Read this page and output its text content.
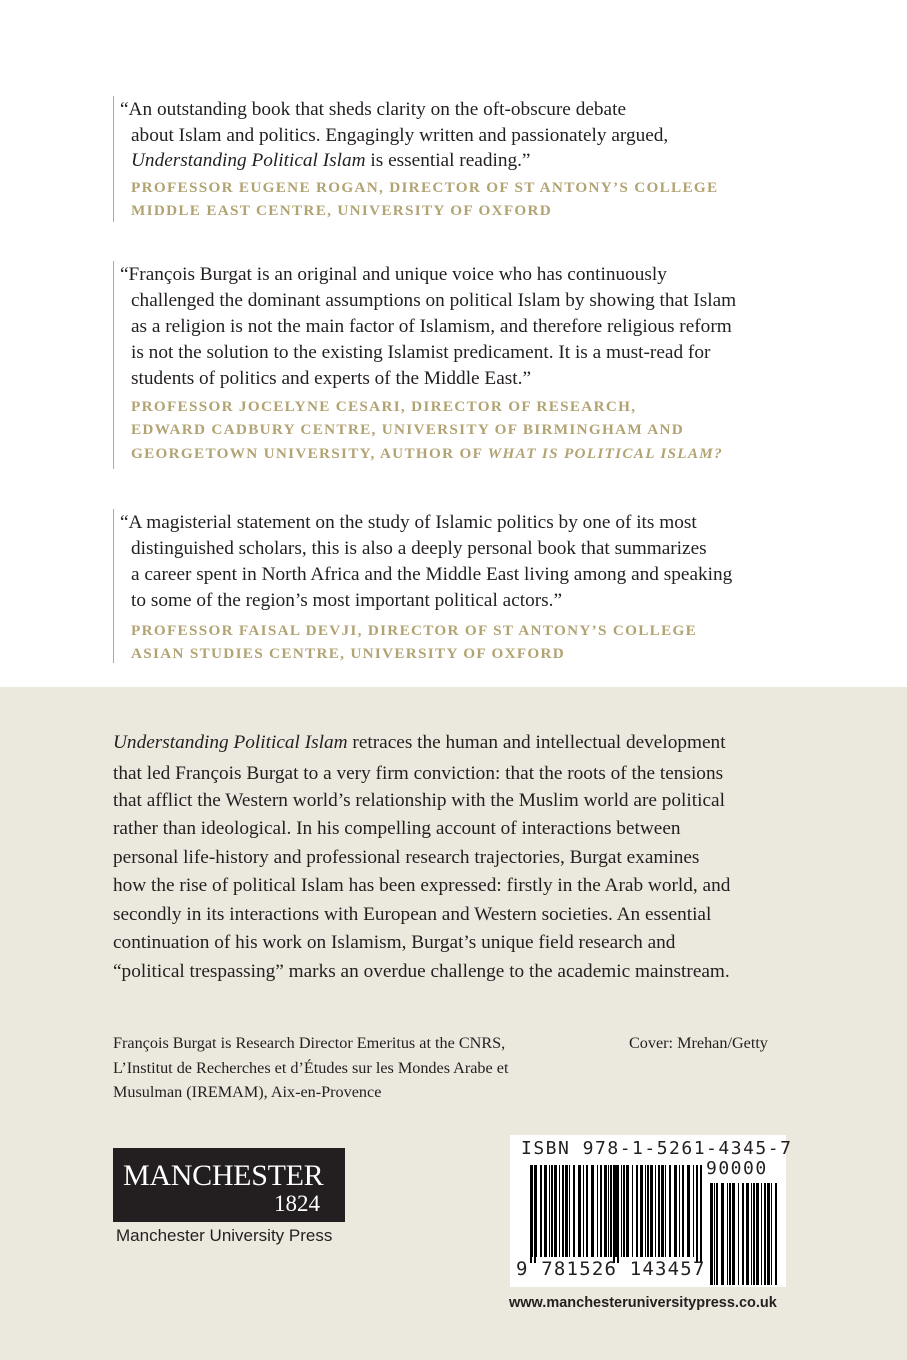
“An outstanding book that sheds clarity on the oft-obscure debate
about Islam and politics. Engagingly written and passionately argued,
Understanding Political Islam is essential reading.”
PROFESSOR EUGENE ROGAN, DIRECTOR OF ST ANTONY’S COLLEGE
MIDDLE EAST CENTRE, UNIVERSITY OF OXFORD
“François Burgat is an original and unique voice who has continuously
challenged the dominant assumptions on political Islam by showing that Islam
as a religion is not the main factor of Islamism, and therefore religious reform
is not the solution to the existing Islamist predicament. It is a must-read for
students of politics and experts of the Middle East.”
PROFESSOR JOCELYNE CESARI, DIRECTOR OF RESEARCH,
EDWARD CADBURY CENTRE, UNIVERSITY OF BIRMINGHAM AND
GEORGETOWN UNIVERSITY, AUTHOR OF WHAT IS POLITICAL ISLAM?
“A magisterial statement on the study of Islamic politics by one of its most
distinguished scholars, this is also a deeply personal book that summarizes
a career spent in North Africa and the Middle East living among and speaking
to some of the region’s most important political actors.”
PROFESSOR FAISAL DEVJI, DIRECTOR OF ST ANTONY’S COLLEGE
ASIAN STUDIES CENTRE, UNIVERSITY OF OXFORD
Understanding Political Islam retraces the human and intellectual development
that led François Burgat to a very firm conviction: that the roots of the tensions
that afflict the Western world’s relationship with the Muslim world are political
rather than ideological. In his compelling account of interactions between
personal life-history and professional research trajectories, Burgat examines
how the rise of political Islam has been expressed: firstly in the Arab world, and
secondly in its interactions with European and Western societies. An essential
continuation of his work on Islamism, Burgat’s unique field research and
“political trespassing” marks an overdue challenge to the academic mainstream.
François Burgat is Research Director Emeritus at the CNRS,
L’Institut de Recherches et d’Études sur les Mondes Arabe et
Musulman (IREMAM), Aix-en-Provence
Cover: Mrehan/Getty
MANCHESTER
1824
Manchester University Press
ISBN 978-1-5261-4345-7
90000
9 781526 143457
www.manchesteruniversitypress.co.uk
